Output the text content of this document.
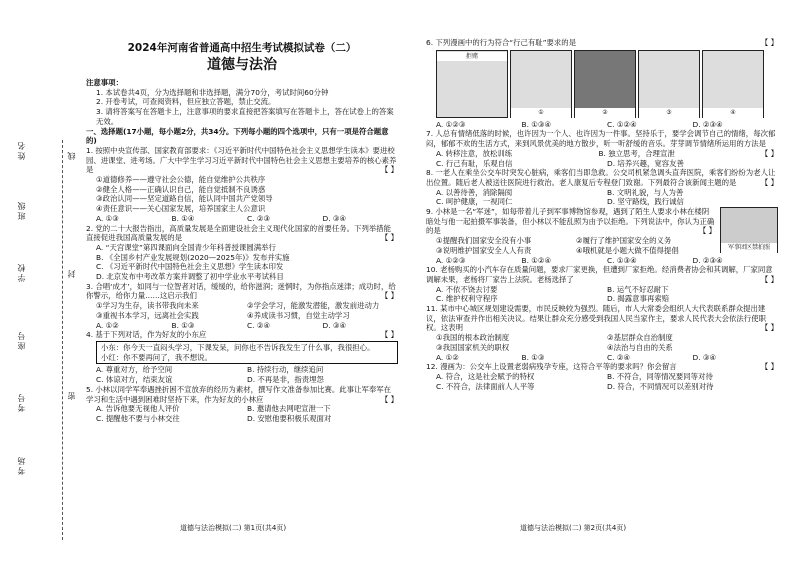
姓名
班级
学校
座号
考号
考场
线
封
密
2024年河南省普通高中招生考试模拟试卷（二）
道德与法治
注意事项：
1. 本试卷共4页，分为选择题和非选择题，满分70分，考试时间60分钟
2. 开卷考试，可查阅资料，但应独立答题，禁止交流。
3. 请将答案写在答题卡上，注意事项的要求直接把答案填写在答题卡上，答在试卷上的答案无效。
一、选择题(17小题，每小题2分，共34分。下列每小题的四个选项中，只有一项是符合题意的)
1. 按照中央宣传部、国家教育部要求：《习近平新时代中国特色社会主义思想学生读本》要进校园、进课堂、进考场。广大中学生学习习近平新时代中国特色社会主义思想主要培养的核心素养是	【 】
①道德修养——遵守社会公德，能自觉维护公共秩序
②健全人格——正确认识自己，能自觉抵制不良诱惑
③政治认同——坚定道路自信，能认同中国共产党领导
④责任意识——关心国家发展，培养国家主人公意识
A. ①③	B. ①④	C. ②③	D. ③④
2. 党的二十大报告指出，高质量发展是全面建设社会主义现代化国家的首要任务。下列举措能直接促进我国高质量发展的是	【 】
A. “天宫课堂”第四课面向全国青少年科普授课圆满举行
B. 《全国乡村产业发展规划(2020—2025年)》发布并实施
C. 《习近平新时代中国特色社会主义思想》学生读本印发
D. 北京发布中考改革方案并调整了初中学业水平考试科目
3. 合唱‘成才’，如同与一位智者对话，缓缓的，给你滋润；迷惘时，为你指点迷津；成功时，给你警示，给你力量……这启示我们	【 】
①学习为生存，读书带我向未来	②学会学习，能激发潜能，激发前进动力
③重视书本学习，远离社会实践	④养成读书习惯，自觉主动学习
A. ①②	B. ①③	C. ②④	D. ③④
4. 基于下列对话，作为好友的小东应	【 】
小东：你今天一直闷头学习，下课发呆，问你也不告诉我发生了什么事，我很担心。
小红：你不要再问了，我不想说。
A. 尊重对方，给予空间	B. 持续行动，继续追问
C. 体谅对方，结束友谊	D. 不再是非，指责埋怨
5. 小林以同学军奉遇挫折困不宣放弃的经历为素材，撰写作文准备参加比赛。此事让军奉军在学习和生活中遇到困难时坚持下来，作为好友的小林应	【 】
A. 告诉他要无视他人评价	B. 邀请他去网吧宣泄一下
C. 提醒他不要与小林交往	D. 安慰他要积极乐观面对
道德与法治模拟(二) 第1页(共4页)
6. 下列漫画中的行为符合“行己有耻”要求的是	【 】
拒赌
①	②	③	④
A. ①②③	B. ①③④	C. ①②④	D. ②③④
7. 人总有情绪低落的时候，也许因为一个人、也许因为一件事。坚持乐于，要学会调节自己的情绪，每次郁闷，郁郁不欢的生活方式，来到风景优美的地方散步，听一听舒缓的音乐。芽芽调节情绪所运用的方法是
【 】
A. 转移注意，放松训练	B. 独立思考，合理宣泄
C. 行己有耻，乐观自信	D. 培养兴趣，宽容友善
8. 一老人在乘坐公交车时突发心脏病，乘客们当即急救。公交司机紧急调头直奔医院，乘客们纷纷为老人让出位置。随后老人被送往医院进行救治。老人康复后专程登门致谢。下列最符合该新闻主题的是	【 】
A. 以善待善，消除隔阂	B. 文明礼貌，与人为善
C. 呵护健康，一视同仁	D. 坚守路线，践行诚信
军事团区禁拍照
9. 小林是一名“军迷”，如每带着儿子到军事博物馆参观，遇到了陌生人要求小林在楼阴暗处与他一起拍摄军事装备，但小林以不能乱照为由予以拒绝。下列说法中，你认为正确的是	【 】
①提醒我们国家安全没有小事	②履行了维护国家安全的义务
③说明维护国家安全人人有责	④哦机就是小题大做不值得提倡
A. ①②③	B. ①②④	C. ①③④	D. ②③④
10. 老杨购买的小汽车存在质量问题，要求厂家更换，但遭到厂家拒绝。经消费者协会和其调解，厂家同意调解未果，老杨将厂家告上法院。老杨选择了	【 】
A. 不依不饶去讨要	B. 运气不好忍耐下
C. 维护权利守程序	D. 揭露意事再索赔
11. 某市中心城区规划建设需要，市民反映较为强烈。随后，市人大常委会组织人大代表联系群众提出建议，依法审查并作出相关决议。结果让群众充分感受到我国人民当家作主，要求人民代表大会依法行使职权。这表明	【 】
①我国的根本政治制度	②基层群众自治制度
③我国国家机关的职权	④法治与自由的关系
A. ①②	B. ①③	C. ②④	D. ③④
12. 漫画为：公交车上设置老弱病残孕专座，这符合平等的要求吗？你会留言	【 】
A. 符合，这是社会赋予的特权	B. 不符合，同等情况要同等对待
C. 不符合，法律面前人人平等	D. 符合，不同情况可以差别对待
道德与法治模拟(二) 第2页(共4页)
